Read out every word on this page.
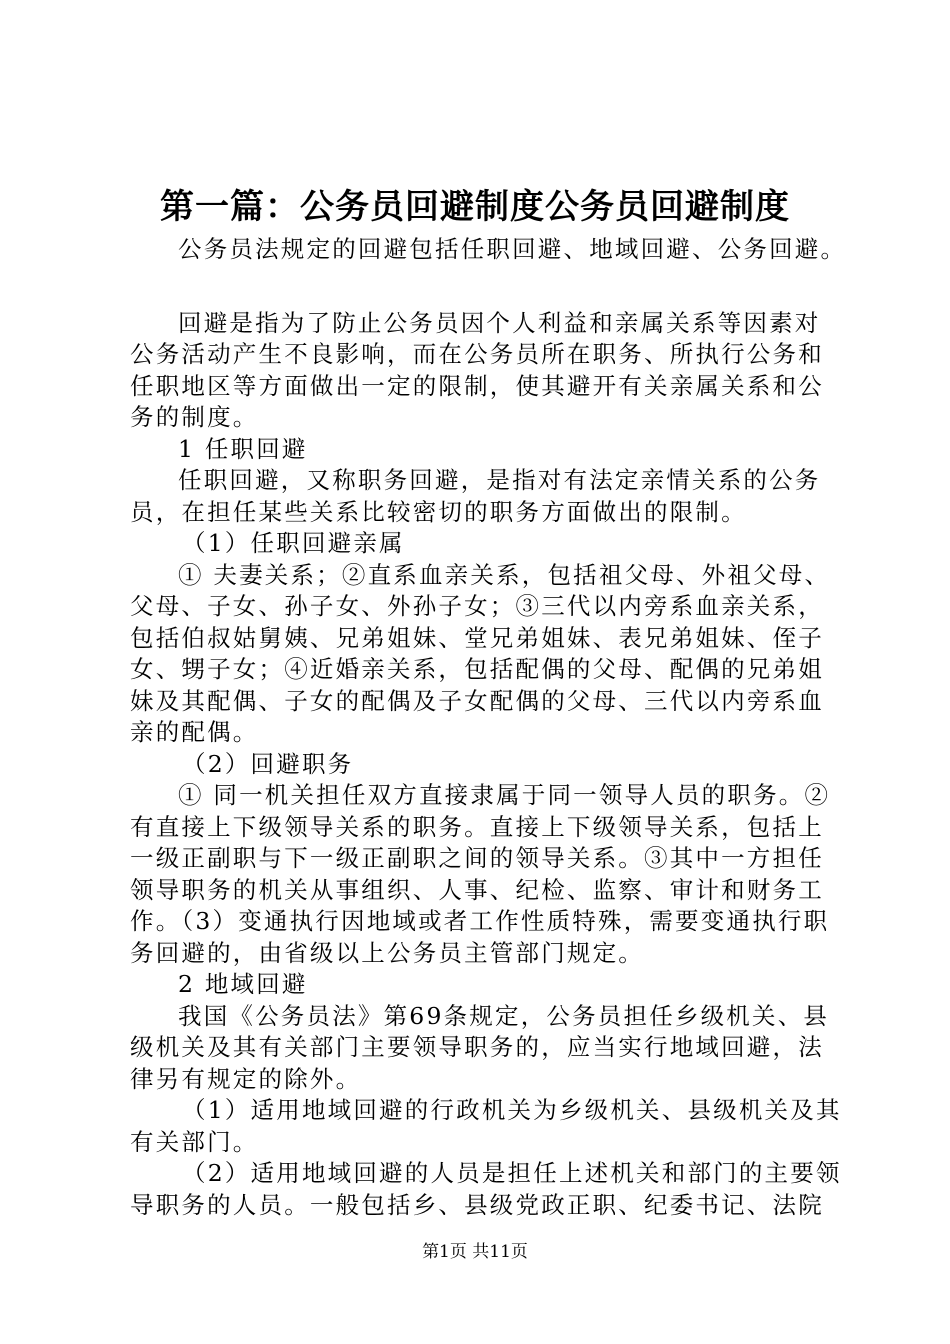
第一篇：公务员回避制度公务员回避制度
公务员法规定的回避包括任职回避、地域回避、公务回避。
回避是指为了防止公务员因个人利益和亲属关系等因素对
公务活动产生不良影响，而在公务员所在职务、所执行公务和
任职地区等方面做出一定的限制，使其避开有关亲属关系和公
务的制度。
1 任职回避
任职回避，又称职务回避，是指对有法定亲情关系的公务
员，在担任某些关系比较密切的职务方面做出的限制。
（1）任职回避亲属
① 夫妻关系；②直系血亲关系，包括祖父母、外祖父母、
父母、子女、孙子女、外孙子女；③三代以内旁系血亲关系，
包括伯叔姑舅姨、兄弟姐妹、堂兄弟姐妹、表兄弟姐妹、侄子
女、甥子女；④近婚亲关系，包括配偶的父母、配偶的兄弟姐
妹及其配偶、子女的配偶及子女配偶的父母、三代以内旁系血
亲的配偶。
（2）回避职务
① 同一机关担任双方直接隶属于同一领导人员的职务。②
有直接上下级领导关系的职务。直接上下级领导关系，包括上
一级正副职与下一级正副职之间的领导关系。③其中一方担任
领导职务的机关从事组织、人事、纪检、监察、审计和财务工
作。（3）变通执行因地域或者工作性质特殊，需要变通执行职
务回避的，由省级以上公务员主管部门规定。
2 地域回避
我国《公务员法》第69条规定，公务员担任乡级机关、县
级机关及其有关部门主要领导职务的，应当实行地域回避，法
律另有规定的除外。
（1）适用地域回避的行政机关为乡级机关、县级机关及其
有关部门。
（2）适用地域回避的人员是担任上述机关和部门的主要领
导职务的人员。一般包括乡、县级党政正职、纪委书记、法院
第1页 共11页
